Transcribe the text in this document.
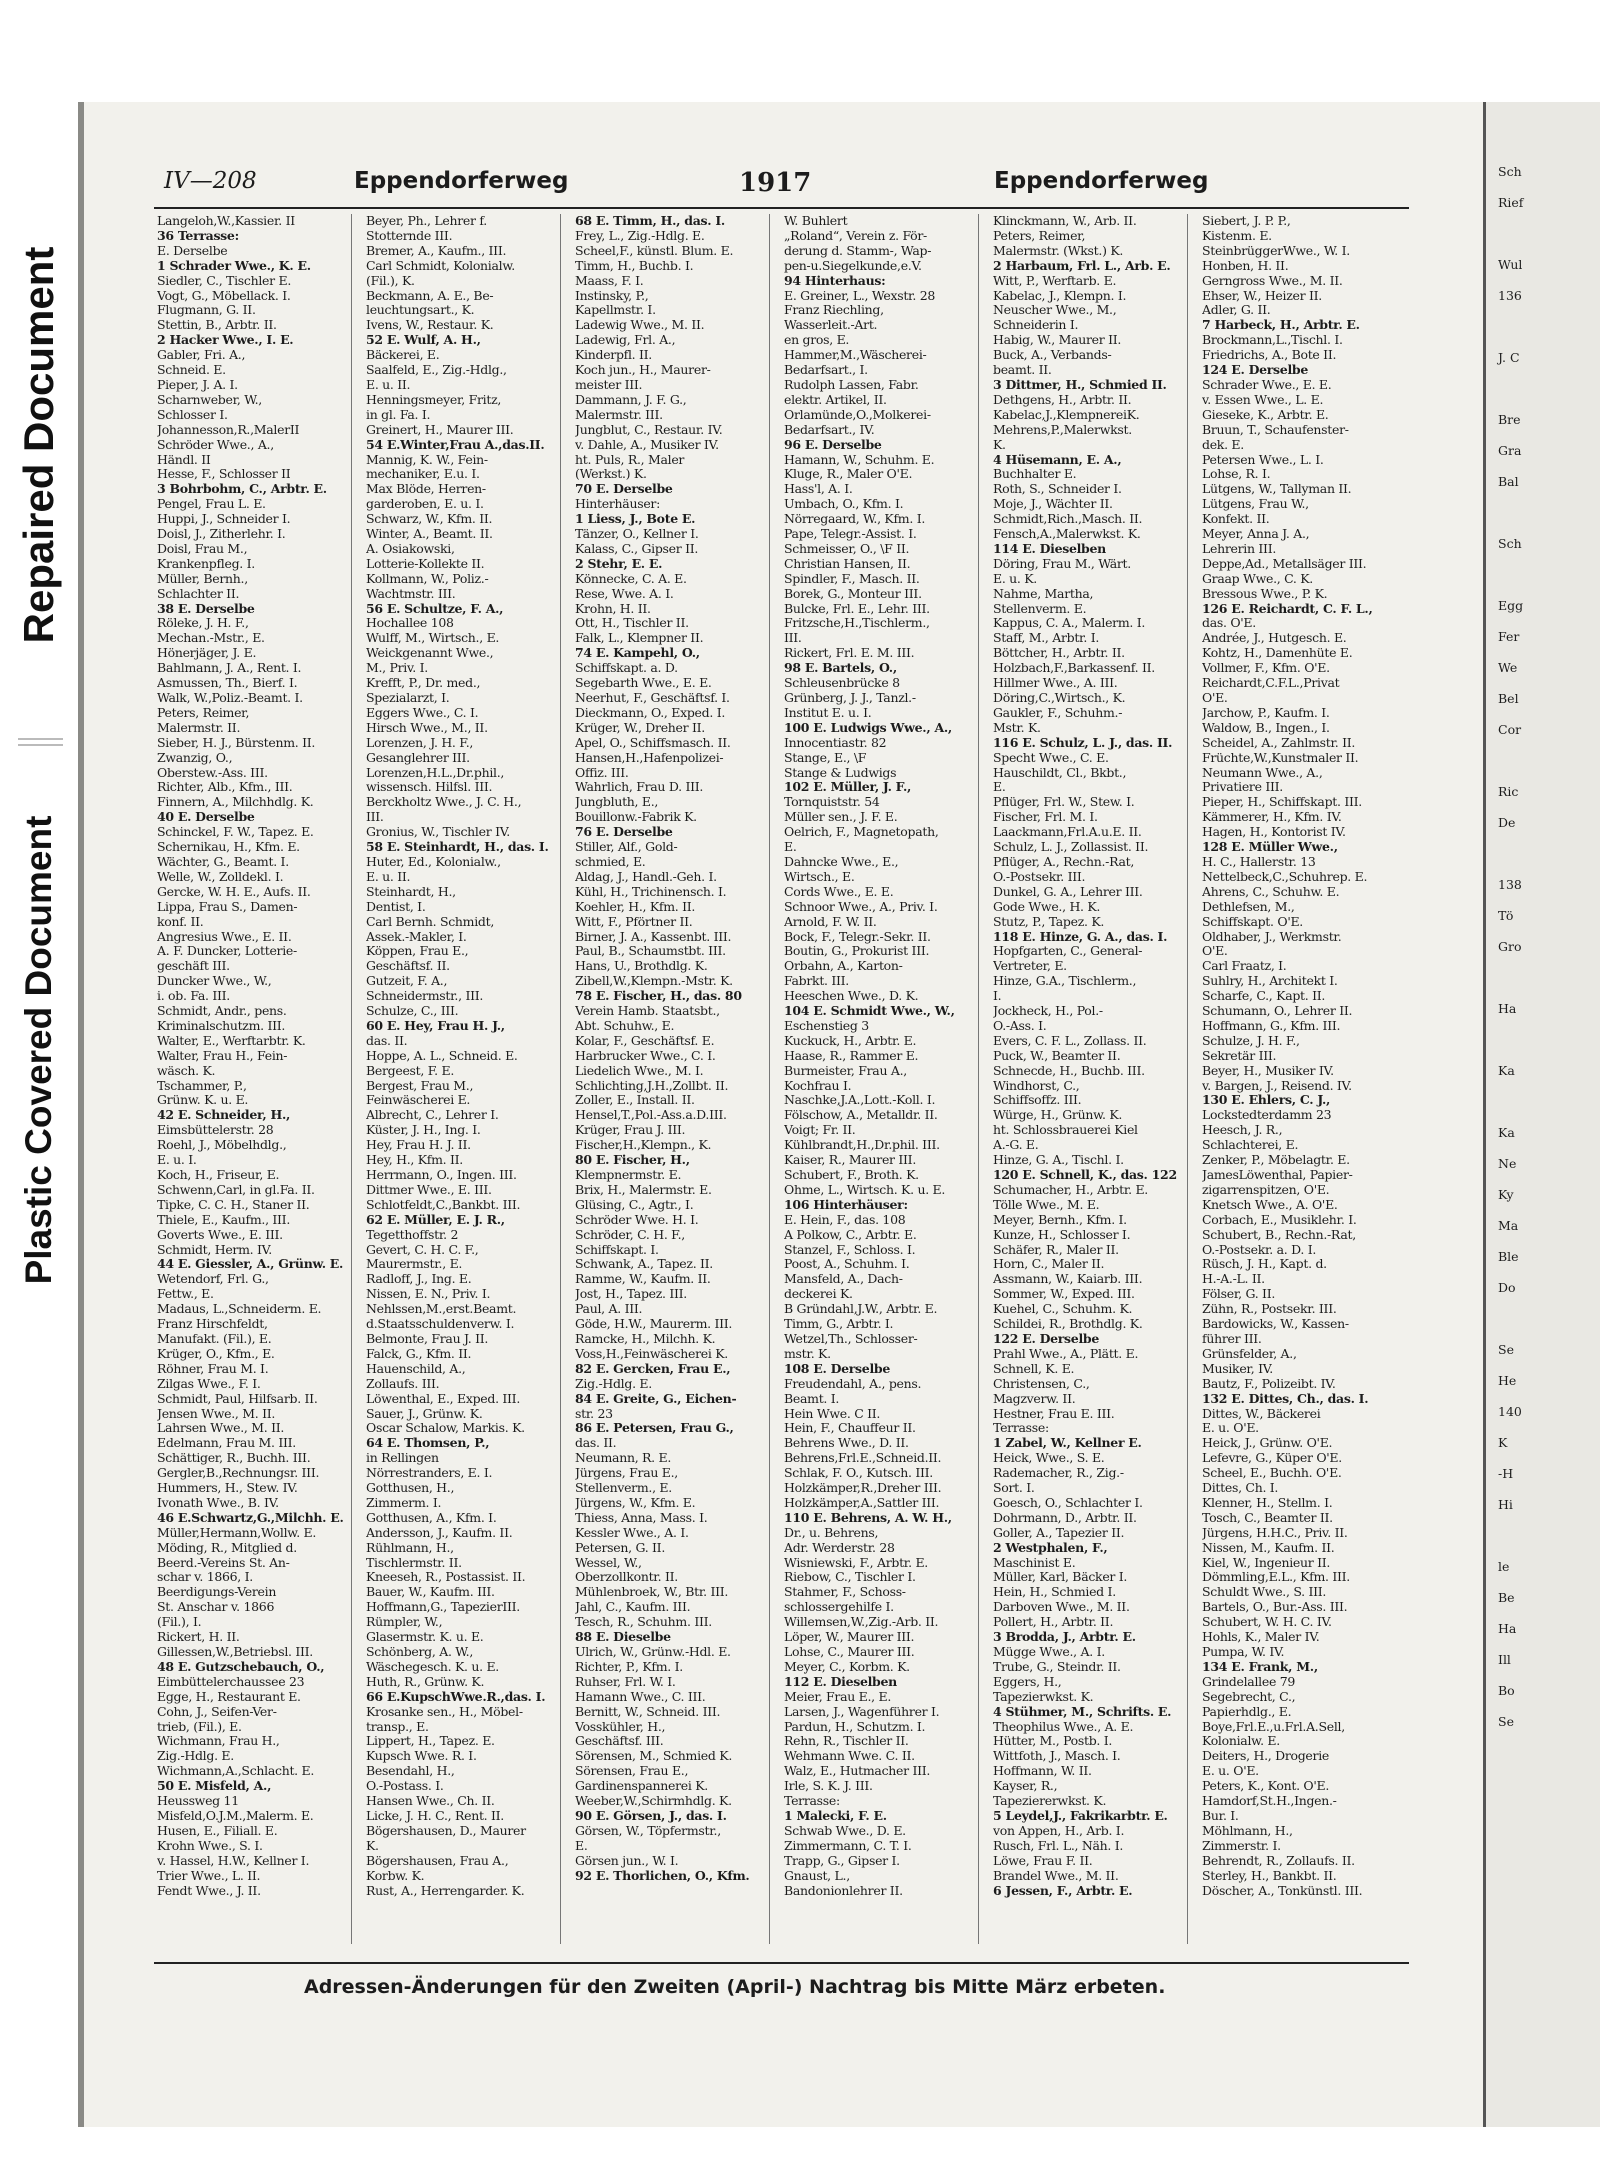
Repaired Document
Plastic Covered Document
IV—208	Eppendorferweg	1917	Eppendorferweg
Langeloh,W.,Kassier. II
36 Terrasse:
E. Derselbe
1 Schrader Wwe., K. E.
Siedler, C., Tischler E.
Vogt, G., Möbellack. I.
Flugmann, G. II.
Stettin, B., Arbtr. II.
2 Hacker Wwe., I. E.
Gabler, Fri. A.,
Schneid. E.
Pieper, J. A. I.
Scharnweber, W.,
Schlosser I.
Johannesson,R.,MalerII
Schröder Wwe., A.,
Händl. II
Hesse, F., Schlosser II
3 Bohrbohm, C., Arbtr. E.
Pengel, Frau L. E.
Huppi, J., Schneider I.
Doisl, J., Zitherlehr. I.
Doisl, Frau M.,
Krankenpfleg. I.
Müller, Bernh.,
Schlachter II.
38 E. Derselbe
Röleke, J. H. F.,
Mechan.-Mstr., E.
Hönerjäger, J. E.
Bahlmann, J. A., Rent. I.
Asmussen, Th., Bierf. I.
Walk, W.,Poliz.-Beamt. I.
Peters, Reimer,
Malermstr. II.
Sieber, H. J., Bürstenm. II.
Zwanzig, O.,
Oberstew.-Ass. III.
Richter, Alb., Kfm., III.
Finnern, A., Milchhdlg. K.
40 E. Derselbe
Schinckel, F. W., Tapez. E.
Schernikau, H., Kfm. E.
Wächter, G., Beamt. I.
Welle, W., Zolldekl. I.
Gercke, W. H. E., Aufs. II.
Lippa, Frau S., Damen-
konf. II.
Angresius Wwe., E. II.
A. F. Duncker, Lotterie-
geschäft III.
Duncker Wwe., W.,
i. ob. Fa. III.
Schmidt, Andr., pens.
Kriminalschutzm. III.
Walter, E., Werftarbtr. K.
Walter, Frau H., Fein-
wäsch. K.
Tschammer, P.,
Grünw. K. u. E.
42 E. Schneider, H.,
Eimsbüttelerstr. 28
Roehl, J., Möbelhdlg.,
E. u. I.
Koch, H., Friseur, E.
Schwenn,Carl, in gl.Fa. II.
Tipke, C. C. H., Staner II.
Thiele, E., Kaufm., III.
Goverts Wwe., E. III.
Schmidt, Herm. IV.
44 E. Giessler, A., Grünw. E.
Wetendorf, Frl. G.,
Fettw., E.
Madaus, L.,Schneiderm. E.
Franz Hirschfeldt,
Manufakt. (Fil.), E.
Krüger, O., Kfm., E.
Röhner, Frau M. I.
Zilgas Wwe., F. I.
Schmidt, Paul, Hilfsarb. II.
Jensen Wwe., M. II.
Lahrsen Wwe., M. II.
Edelmann, Frau M. III.
Schättiger, R., Buchh. III.
Gergler,B.,Rechnungsr. III.
Hummers, H., Stew. IV.
Ivonath Wwe., B. IV.
46 E.Schwartz,G.,Milchh. E.
Müller,Hermann,Wollw. E.
Möding, R., Mitglied d.
Beerd.-Vereins St. An-
schar v. 1866, I.
Beerdigungs-Verein
St. Anschar v. 1866
(Fil.), I.
Rickert, H. II.
Gillessen,W.,Betriebsl. III.
48 E. Gutzschebauch, O.,
Eimbüttelerchaussee 23
Egge, H., Restaurant E.
Cohn, J., Seifen-Ver-
trieb, (Fil.), E.
Wichmann, Frau H.,
Zig.-Hdlg. E.
Wichmann,A.,Schlacht. E.
50 E. Misfeld, A.,
Heussweg 11
Misfeld,O.J.M.,Malerm. E.
Husen, E., Filiall. E.
Krohn Wwe., S. I.
v. Hassel, H.W., Kellner I.
Trier Wwe., L. II.
Fendt Wwe., J. II.
Beyer, Ph., Lehrer f.
Stotternde III.
Bremer, A., Kaufm., III.
Carl Schmidt, Kolonialw.
(Fil.), K.
Beckmann, A. E., Be-
leuchtungsart., K.
Ivens, W., Restaur. K.
52 E. Wulf, A. H.,
Bäckerei, E.
Saalfeld, E., Zig.-Hdlg.,
E. u. II.
Henningsmeyer, Fritz,
in gl. Fa. I.
Greinert, H., Maurer III.
54 E.Winter,Frau A.,das.II.
Mannig, K. W., Fein-
mechaniker, E.u. I.
Max Blöde, Herren-
garderoben, E. u. I.
Schwarz, W., Kfm. II.
Winter, A., Beamt. II.
A. Osiakowski,
Lotterie-Kollekte II.
Kollmann, W., Poliz.-
Wachtmstr. III.
56 E. Schultze, F. A.,
Hochallee 108
Wulff, M., Wirtsch., E.
Weickgenannt Wwe.,
M., Priv. I.
Krefft, P., Dr. med.,
Spezialarzt, I.
Eggers Wwe., C. I.
Hirsch Wwe., M., II.
Lorenzen, J. H. F.,
Gesanglehrer III.
Lorenzen,H.L.,Dr.phil.,
wissensch. Hilfsl. III.
Berckholtz Wwe., J. C. H.,
III.
Gronius, W., Tischler IV.
58 E. Steinhardt, H., das. I.
Huter, Ed., Kolonialw.,
E. u. II.
Steinhardt, H.,
Dentist, I.
Carl Bernh. Schmidt,
Assek.-Makler, I.
Köppen, Frau E.,
Geschäftsf. II.
Gutzeit, F. A.,
Schneidermstr., III.
Schulze, C., III.
60 E. Hey, Frau H. J.,
das. II.
Hoppe, A. L., Schneid. E.
Bergeest, F. E.
Bergest, Frau M.,
Feinwäscherei E.
Albrecht, C., Lehrer I.
Küster, J. H., Ing. I.
Hey, Frau H. J. II.
Hey, H., Kfm. II.
Herrmann, O., Ingen. III.
Dittmer Wwe., E. III.
Schlotfeldt,C.,Bankbt. III.
62 E. Müller, E. J. R.,
Tegetthoffstr. 2
Gevert, C. H. C. F.,
Maurermstr., E.
Radloff, J., Ing. E.
Nissen, E. N., Priv. I.
Nehlssen,M.,erst.Beamt.
d.Staatsschuldenverw. I.
Belmonte, Frau J. II.
Falck, G., Kfm. II.
Hauenschild, A.,
Zollaufs. III.
Löwenthal, E., Exped. III.
Sauer, J., Grünw. K.
Oscar Schalow, Markis. K.
64 E. Thomsen, P.,
in Rellingen
Nörrestranders, E. I.
Gotthusen, H.,
Zimmerm. I.
Gotthusen, A., Kfm. I.
Andersson, J., Kaufm. II.
Rühlmann, H.,
Tischlermstr. II.
Kneeseh, R., Postassist. II.
Bauer, W., Kaufm. III.
Hoffmann,G., TapezierIII.
Rümpler, W.,
Glasermstr. K. u. E.
Schönberg, A. W.,
Wäschegesch. K. u. E.
Huth, R., Grünw. K.
66 E.KupschWwe.R.,das. I.
Krosanke sen., H., Möbel-
transp., E.
Lippert, H., Tapez. E.
Kupsch Wwe. R. I.
Besendahl, H.,
O.-Postass. I.
Hansen Wwe., Ch. II.
Licke, J. H. C., Rent. II.
Bögershausen, D., Maurer
K.
Bögershausen, Frau A.,
Korbw. K.
Rust, A., Herrengarder. K.
68 E. Timm, H., das. I.
Frey, L., Zig.-Hdlg. E.
Scheel,F., künstl. Blum. E.
Timm, H., Buchb. I.
Maass, F. I.
Instinsky, P.,
Kapellmstr. I.
Ladewig Wwe., M. II.
Ladewig, Frl. A.,
Kinderpfl. II.
Koch jun., H., Maurer-
meister III.
Dammann, J. F. G.,
Malermstr. III.
Jungblut, C., Restaur. IV.
v. Dahle, A., Musiker IV.
ht. Puls, R., Maler
(Werkst.) K.
70 E. Derselbe
Hinterhäuser:
1 Liess, J., Bote E.
Tänzer, O., Kellner I.
Kalass, C., Gipser II.
2 Stehr, E. E.
Könnecke, C. A. E.
Rese, Wwe. A. I.
Krohn, H. II.
Ott, H., Tischler II.
Falk, L., Klempner II.
74 E. Kampehl, O.,
Schiffskapt. a. D.
Segebarth Wwe., E. E.
Neerhut, F., Geschäftsf. I.
Dieckmann, O., Exped. I.
Krüger, W., Dreher II.
Apel, O., Schiffsmasch. II.
Hansen,H.,Hafenpolizei-
Offiz. III.
Wahrlich, Frau D. III.
Jungbluth, E.,
Bouillonw.-Fabrik K.
76 E. Derselbe
Stiller, Alf., Gold-
schmied, E.
Aldag, J., Handl.-Geh. I.
Kühl, H., Trichinensch. I.
Koehler, H., Kfm. II.
Witt, F., Pförtner II.
Birner, J. A., Kassenbt. III.
Paul, B., Schaumstbt. III.
Hans, U., Brothdlg. K.
Zibell,W.,Klempn.-Mstr. K.
78 E. Fischer, H., das. 80
Verein Hamb. Staatsbt.,
Abt. Schuhw., E.
Kolar, F., Geschäftsf. E.
Harbrucker Wwe., C. I.
Liedelich Wwe., M. I.
Schlichting,J.H.,Zollbt. II.
Zoller, E., Install. II.
Hensel,T.,Pol.-Ass.a.D.III.
Krüger, Frau J. III.
Fischer,H.,Klempn., K.
80 E. Fischer, H.,
Klempnermstr. E.
Brix, H., Malermstr. E.
Glüsing, C., Agtr., I.
Schröder Wwe. H. I.
Schröder, C. H. F.,
Schiffskapt. I.
Schwank, A., Tapez. II.
Ramme, W., Kaufm. II.
Jost, H., Tapez. III.
Paul, A. III.
Göde, H.W., Maurerm. III.
Ramcke, H., Milchh. K.
Voss,H.,Feinwäscherei K.
82 E. Gercken, Frau E.,
Zig.-Hdlg. E.
84 E. Greite, G., Eichen-
str. 23
86 E. Petersen, Frau G.,
das. II.
Neumann, R. E.
Jürgens, Frau E.,
Stellenverm., E.
Jürgens, W., Kfm. E.
Thiess, Anna, Mass. I.
Kessler Wwe., A. I.
Petersen, G. II.
Wessel, W.,
Oberzollkontr. II.
Mühlenbroek, W., Btr. III.
Jahl, C., Kaufm. III.
Tesch, R., Schuhm. III.
88 E. Dieselbe
Ulrich, W., Grünw.-Hdl. E.
Richter, P., Kfm. I.
Ruhser, Frl. W. I.
Hamann Wwe., C. III.
Bernitt, W., Schneid. III.
Vosskühler, H.,
Geschäftsf. III.
Sörensen, M., Schmied K.
Sörensen, Frau E.,
Gardinenspannerei K.
Weeber,W.,Schirmhdlg. K.
90 E. Görsen, J., das. I.
Görsen, W., Töpfermstr.,
E.
Görsen jun., W. I.
92 E. Thorlichen, O., Kfm.
W. Buhlert
„Roland“, Verein z. För-
derung d. Stamm-, Wap-
pen-u.Siegelkunde,e.V.
94 Hinterhaus:
E. Greiner, L., Wexstr. 28
Franz Riechling,
Wasserleit.-Art.
en gros, E.
Hammer,M.,Wäscherei-
Bedarfsart., I.
Rudolph Lassen, Fabr.
elektr. Artikel, II.
Orlamünde,O.,Molkerei-
Bedarfsart., IV.
96 E. Derselbe
Hamann, W., Schuhm. E.
Kluge, R., Maler O'E.
Hass'l, A. I.
Umbach, O., Kfm. I.
Nörregaard, W., Kfm. I.
Pape, Telegr.-Assist. I.
Schmeisser, O., \F II.
Christian Hansen, II.
Spindler, F., Masch. II.
Borek, G., Monteur III.
Bulcke, Frl. E., Lehr. III.
Fritzsche,H.,Tischlerm.,
III.
Rickert, Frl. E. M. III.
98 E. Bartels, O.,
Schleusenbrücke 8
Grünberg, J. J., Tanzl.-
Institut E. u. I.
100 E. Ludwigs Wwe., A.,
Innocentiastr. 82
Stange, E., \F
Stange & Ludwigs
102 E. Müller, J. F.,
Tornquiststr. 54
Müller sen., J. F. E.
Oelrich, F., Magnetopath,
E.
Dahncke Wwe., E.,
Wirtsch., E.
Cords Wwe., E. E.
Schnoor Wwe., A., Priv. I.
Arnold, F. W. II.
Bock, F., Telegr.-Sekr. II.
Boutin, G., Prokurist III.
Orbahn, A., Karton-
Fabrkt. III.
Heeschen Wwe., D. K.
104 E. Schmidt Wwe., W.,
Eschenstieg 3
Kuckuck, H., Arbtr. E.
Haase, R., Rammer E.
Burmeister, Frau A.,
Kochfrau I.
Naschke,J.A.,Lott.-Koll. I.
Fölschow, A., Metalldr. II.
Voigt; Fr. II.
Kühlbrandt,H.,Dr.phil. III.
Kaiser, R., Maurer III.
Schubert, F., Broth. K.
Ohme, L., Wirtsch. K. u. E.
106 Hinterhäuser:
E. Hein, F., das. 108
A Polkow, C., Arbtr. E.
Stanzel, F., Schloss. I.
Poost, A., Schuhm. I.
Mansfeld, A., Dach-
deckerei K.
B Gründahl,J.W., Arbtr. E.
Timm, G., Arbtr. I.
Wetzel,Th., Schlosser-
mstr. K.
108 E. Derselbe
Freudendahl, A., pens.
Beamt. I.
Hein Wwe. C II.
Hein, F., Chauffeur II.
Behrens Wwe., D. II.
Behrens,Frl.E.,Schneid.II.
Schlak, F. O., Kutsch. III.
Holzkämper,R.,Dreher III.
Holzkämper,A.,Sattler III.
110 E. Behrens, A. W. H.,
Dr., u. Behrens,
Adr. Werderstr. 28
Wisniewski, F., Arbtr. E.
Riebow, C., Tischler I.
Stahmer, F., Schoss-
schlossergehilfe I.
Willemsen,W.,Zig.-Arb. II.
Löper, W., Maurer III.
Lohse, C., Maurer III.
Meyer, C., Korbm. K.
112 E. Dieselben
Meier, Frau E., E.
Larsen, J., Wagenführer I.
Pardun, H., Schutzm. I.
Rehn, R., Tischler II.
Wehmann Wwe. C. II.
Walz, E., Hutmacher III.
Irle, S. K. J. III.
Terrasse:
1 Malecki, F. E.
Schwab Wwe., D. E.
Zimmermann, C. T. I.
Trapp, G., Gipser I.
Gnaust, L.,
Bandonionlehrer II.
Klinckmann, W., Arb. II.
Peters, Reimer,
Malermstr. (Wkst.) K.
2 Harbaum, Frl. L., Arb. E.
Witt, P., Werftarb. E.
Kabelac, J., Klempn. I.
Neuscher Wwe., M.,
Schneiderin I.
Habig, W., Maurer II.
Buck, A., Verbands-
beamt. II.
3 Dittmer, H., Schmied II.
Dethgens, H., Arbtr. II.
Kabelac,J.,KlempnereiK.
Mehrens,P.,Malerwkst.
K.
4 Hüsemann, E. A.,
Buchhalter E.
Roth, S., Schneider I.
Moje, J., Wächter II.
Schmidt,Rich.,Masch. II.
Fensch,A.,Malerwkst. K.
114 E. Dieselben
Döring, Frau M., Wärt.
E. u. K.
Nahme, Martha,
Stellenverm. E.
Kappus, C. A., Malerm. I.
Staff, M., Arbtr. I.
Böttcher, H., Arbtr. II.
Holzbach,F.,Barkassenf. II.
Hillmer Wwe., A. III.
Döring,C.,Wirtsch., K.
Gaukler, F., Schuhm.-
Mstr. K.
116 E. Schulz, L. J., das. II.
Specht Wwe., C. E.
Hauschildt, Cl., Bkbt.,
E.
Pflüger, Frl. W., Stew. I.
Fischer, Frl. M. I.
Laackmann,Frl.A.u.E. II.
Schulz, L. J., Zollassist. II.
Pflüger, A., Rechn.-Rat,
O.-Postsekr. III.
Dunkel, G. A., Lehrer III.
Gode Wwe., H. K.
Stutz, P., Tapez. K.
118 E. Hinze, G. A., das. I.
Hopfgarten, C., General-
Vertreter, E.
Hinze, G.A., Tischlerm.,
I.
Jockheck, H., Pol.-
O.-Ass. I.
Evers, C. F. L., Zollass. II.
Puck, W., Beamter II.
Schnecde, H., Buchb. III.
Windhorst, C.,
Schiffsoffz. III.
Würge, H., Grünw. K.
ht. Schlossbrauerei Kiel
A.-G. E.
Hinze, G. A., Tischl. I.
120 E. Schnell, K., das. 122
Schumacher, H., Arbtr. E.
Tölle Wwe., M. E.
Meyer, Bernh., Kfm. I.
Kunze, H., Schlosser I.
Schäfer, R., Maler II.
Horn, C., Maler II.
Assmann, W., Kaiarb. III.
Sommer, W., Exped. III.
Kuehel, C., Schuhm. K.
Schildei, R., Brothdlg. K.
122 E. Derselbe
Prahl Wwe., A., Plätt. E.
Schnell, K. E.
Christensen, C.,
Magzverw. II.
Hestner, Frau E. III.
Terrasse:
1 Zabel, W., Kellner E.
Heick, Wwe., S. E.
Rademacher, R., Zig.-
Sort. I.
Goesch, O., Schlachter I.
Dohrmann, D., Arbtr. II.
Goller, A., Tapezier II.
2 Westphalen, F.,
Maschinist E.
Müller, Karl, Bäcker I.
Hein, H., Schmied I.
Darboven Wwe., M. II.
Pollert, H., Arbtr. II.
3 Brodda, J., Arbtr. E.
Mügge Wwe., A. I.
Trube, G., Steindr. II.
Eggers, H.,
Tapezierwkst. K.
4 Stühmer, M., Schrifts. E.
Theophilus Wwe., A. E.
Hütter, M., Postb. I.
Wittfoth, J., Masch. I.
Hoffmann, W. II.
Kayser, R.,
Tapeziererwkst. K.
5 Leydel,J., Fakrikarbtr. E.
von Appen, H., Arb. I.
Rusch, Frl. L., Näh. I.
Löwe, Frau F. II.
Brandel Wwe., M. II.
6 Jessen, F., Arbtr. E.
Siebert, J. P. P.,
Kistenm. E.
SteinbrüggerWwe., W. I.
Honben, H. II.
Gerngross Wwe., M. II.
Ehser, W., Heizer II.
Adler, G. II.
7 Harbeck, H., Arbtr. E.
Brockmann,L.,Tischl. I.
Friedrichs, A., Bote II.
124 E. Derselbe
Schrader Wwe., E. E.
v. Essen Wwe., L. E.
Gieseke, K., Arbtr. E.
Bruun, T., Schaufenster-
dek. E.
Petersen Wwe., L. I.
Lohse, R. I.
Lütgens, W., Tallyman II.
Lütgens, Frau W.,
Konfekt. II.
Meyer, Anna J. A.,
Lehrerin III.
Deppe,Ad., Metallsäger III.
Graap Wwe., C. K.
Bressous Wwe., P. K.
126 E. Reichardt, C. F. L.,
das. O'E.
Andrée, J., Hutgesch. E.
Kohtz, H., Damenhüte E.
Vollmer, F., Kfm. O'E.
Reichardt,C.F.L.,Privat
O'E.
Jarchow, P., Kaufm. I.
Waldow, B., Ingen., I.
Scheidel, A., Zahlmstr. II.
Früchte,W.,Kunstmaler II.
Neumann Wwe., A.,
Privatiere III.
Pieper, H., Schiffskapt. III.
Kämmerer, H., Kfm. IV.
Hagen, H., Kontorist IV.
128 E. Müller Wwe.,
H. C., Hallerstr. 13
Nettelbeck,C.,Schuhrep. E.
Ahrens, C., Schuhw. E.
Dethlefsen, M.,
Schiffskapt. O'E.
Oldhaber, J., Werkmstr.
O'E.
Carl Fraatz, I.
Suhlry, H., Architekt I.
Scharfe, C., Kapt. II.
Schumann, O., Lehrer II.
Hoffmann, G., Kfm. III.
Schulze, J. H. F.,
Sekretär III.
Beyer, H., Musiker IV.
v. Bargen, J., Reisend. IV.
130 E. Ehlers, C. J.,
Lockstedterdamm 23
Heesch, J. R.,
Schlachterei, E.
Zenker, P., Möbelagtr. E.
JamesLöwenthal, Papier-
zigarrenspitzen, O'E.
Knetsch Wwe., A. O'E.
Corbach, E., Musiklehr. I.
Schubert, B., Rechn.-Rat,
O.-Postsekr. a. D. I.
Rüsch, J. H., Kapt. d.
H.-A.-L. II.
Fölser, G. II.
Zühn, R., Postsekr. III.
Bardowicks, W., Kassen-
führer III.
Grünsfelder, A.,
Musiker, IV.
Bautz, F., Polizeibt. IV.
132 E. Dittes, Ch., das. I.
Dittes, W., Bäckerei
E. u. O'E.
Heick, J., Grünw. O'E.
Lefevre, G., Küper O'E.
Scheel, E., Buchh. O'E.
Dittes, Ch. I.
Klenner, H., Stellm. I.
Tosch, C., Beamter II.
Jürgens, H.H.C., Priv. II.
Nissen, M., Kaufm. II.
Kiel, W., Ingenieur II.
Dömmling,E.L., Kfm. III.
Schuldt Wwe., S. III.
Bartels, O., Bur.-Ass. III.
Schubert, W. H. C. IV.
Hohls, K., Maler IV.
Pumpa, W. IV.
134 E. Frank, M.,
Grindelallee 79
Segebrecht, C.,
Papierhdlg., E.
Boye,Frl.E.,u.Frl.A.Sell,
Kolonialw. E.
Deiters, H., Drogerie
E. u. O'E.
Peters, K., Kont. O'E.
Hamdorf,St.H.,Ingen.-
Bur. I.
Möhlmann, H.,
Zimmerstr. I.
Behrendt, R., Zollaufs. II.
Sterley, H., Bankbt. II.
Döscher, A., Tonkünstl. III.
Adressen-Änderungen für den Zweiten (April-) Nachtrag bis Mitte März erbeten.
Sch
Rief
Wul
136
J. C
Bre
Gra
Bal
Sch
Egg
Fer
We
Bel
Cor
Ric
De
138
Tö
Gro
Ha
Ka
Ka
Ne
Ky
Ma
Ble
Do
Se
He
140
K
-H
Hi
le
Be
Ha
Ill
Bo
Se
